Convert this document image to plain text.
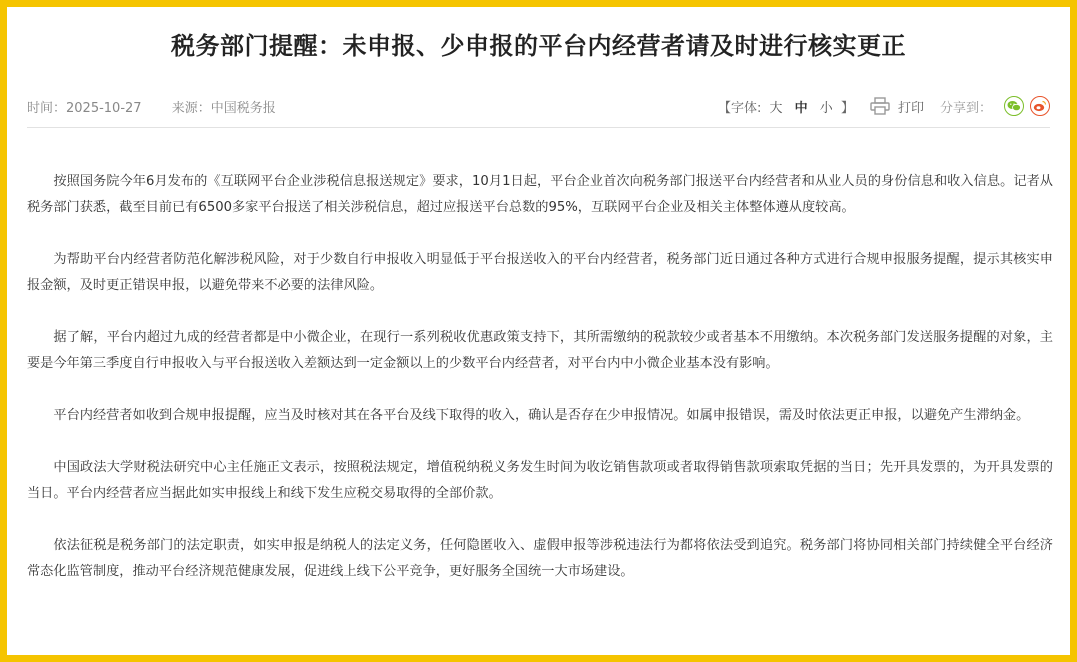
税务部门提醒：未申报、少申报的平台内经营者请及时进行核实更正
时间：2025-10-27 来源：中国税务报	【字体: 大 中 小 】	打印 分享到：

按照国务院今年6月发布的《互联网平台企业涉税信息报送规定》要求，10月1日起，平台企业首次向税务部门报送平台内经营者和从业人员的身份信息和收入信息。记者从税务部门获悉，截至目前已有6500多家平台报送了相关涉税信息，超过应报送平台总数的95%，互联网平台企业及相关主体整体遵从度较高。

为帮助平台内经营者防范化解涉税风险，对于少数自行申报收入明显低于平台报送收入的平台内经营者，税务部门近日通过各种方式进行合规申报服务提醒，提示其核实申报金额，及时更正错误申报，以避免带来不必要的法律风险。

据了解，平台内超过九成的经营者都是中小微企业，在现行一系列税收优惠政策支持下，其所需缴纳的税款较少或者基本不用缴纳。本次税务部门发送服务提醒的对象，主要是今年第三季度自行申报收入与平台报送收入差额达到一定金额以上的少数平台内经营者，对平台内中小微企业基本没有影响。

平台内经营者如收到合规申报提醒，应当及时核对其在各平台及线下取得的收入，确认是否存在少申报情况。如属申报错误，需及时依法更正申报，以避免产生滞纳金。

中国政法大学财税法研究中心主任施正文表示，按照税法规定，增值税纳税义务发生时间为收讫销售款项或者取得销售款项索取凭据的当日；先开具发票的，为开具发票的当日。平台内经营者应当据此如实申报线上和线下发生应税交易取得的全部价款。

依法征税是税务部门的法定职责，如实申报是纳税人的法定义务，任何隐匿收入、虚假申报等涉税违法行为都将依法受到追究。税务部门将协同相关部门持续健全平台经济常态化监管制度，推动平台经济规范健康发展，促进线上线下公平竞争，更好服务全国统一大市场建设。
